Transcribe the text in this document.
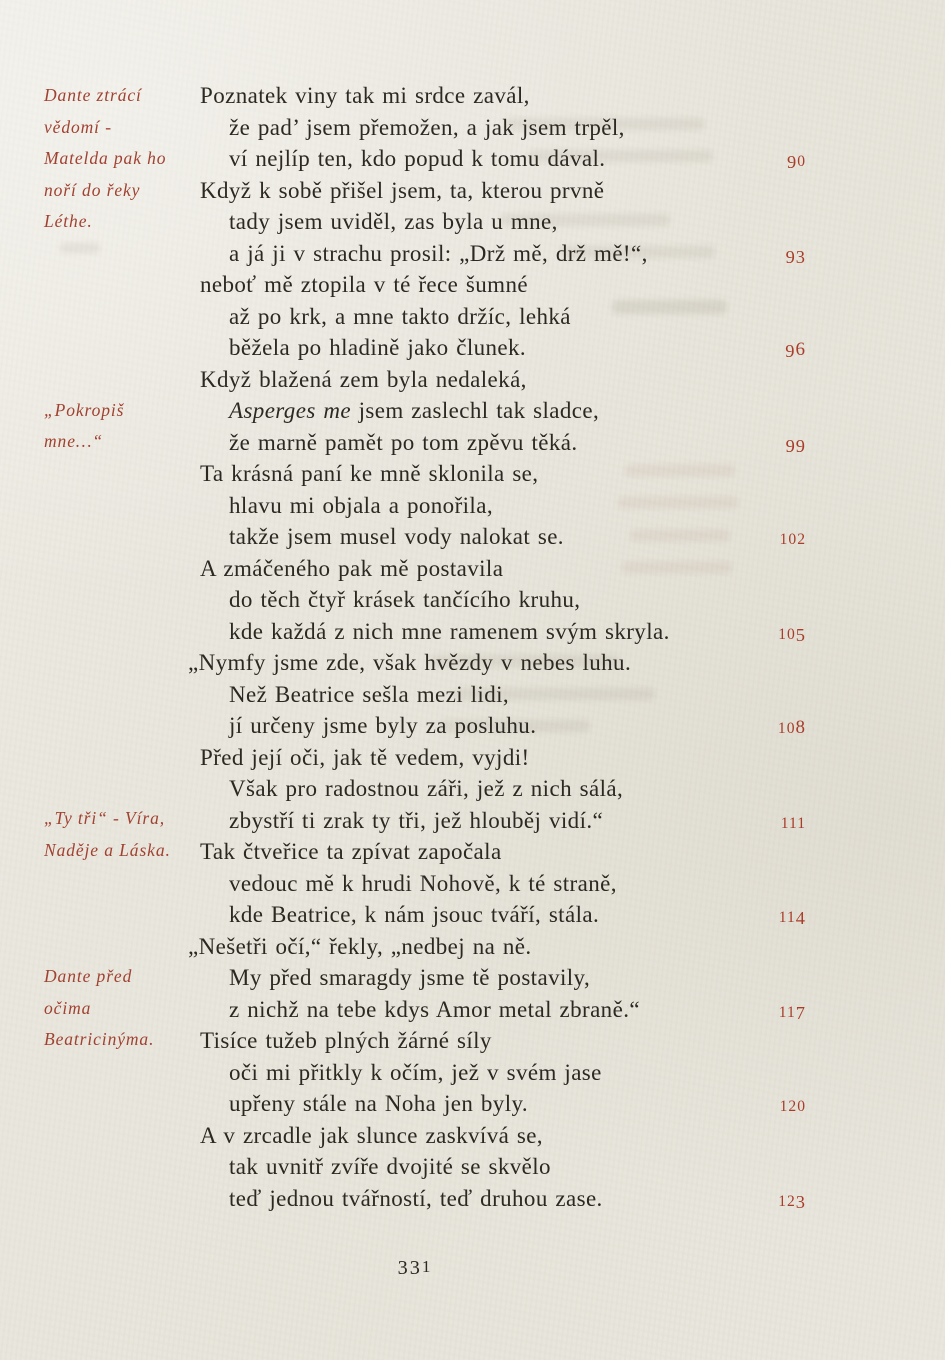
Dante ztrácí
vědomí -
Matelda pak ho
noří do řeky
Léthe.
„Pokropiš
mne…“
„Ty tři“ - Víra,
Naděje a Láska.
Dante před
očima
Beatricinýma.
Poznatek viny tak mi srdce zavál,
že pad’ jsem přemožen, a jak jsem trpěl,
ví nejlíp ten, kdo popud k tomu dával.	90
Když k sobě přišel jsem, ta, kterou prvně
tady jsem uviděl, zas byla u mne,
a já ji v strachu prosil: „Drž mě, drž mě!“,	93
neboť mě ztopila v té řece šumné
až po krk, a mne takto držíc, lehká
běžela po hladině jako člunek.	96
Když blažená zem byla nedaleká,
Asperges me jsem zaslechl tak sladce,
že marně pamět po tom zpěvu těká.	99
Ta krásná paní ke mně sklonila se,
hlavu mi objala a ponořila,
takže jsem musel vody nalokat se.	102
A zmáčeného pak mě postavila
do těch čtyř krásek tančícího kruhu,
kde každá z nich mne ramenem svým skryla.	105
„Nymfy jsme zde, však hvězdy v nebes luhu.
Než Beatrice sešla mezi lidi,
jí určeny jsme byly za posluhu.	108
Před její oči, jak tě vedem, vyjdi!
Však pro radostnou záři, jež z nich sálá,
zbystří ti zrak ty tři, jež hlouběj vidí.“	111
Tak čtveřice ta zpívat započala
vedouc mě k hrudi Nohově, k té straně,
kde Beatrice, k nám jsouc tváří, stála.	114
„Nešetři očí,“ řekly, „nedbej na ně.
My před smaragdy jsme tě postavily,
z nichž na tebe kdys Amor metal zbraně.“	117
Tisíce tužeb plných žárné síly
oči mi přitkly k očím, jež v svém jase
upřeny stále na Noha jen byly.	120
A v zrcadle jak slunce zaskvívá se,
tak uvnitř zvíře dvojité se skvělo
teď jednou tvářností, teď druhou zase.	123
331
